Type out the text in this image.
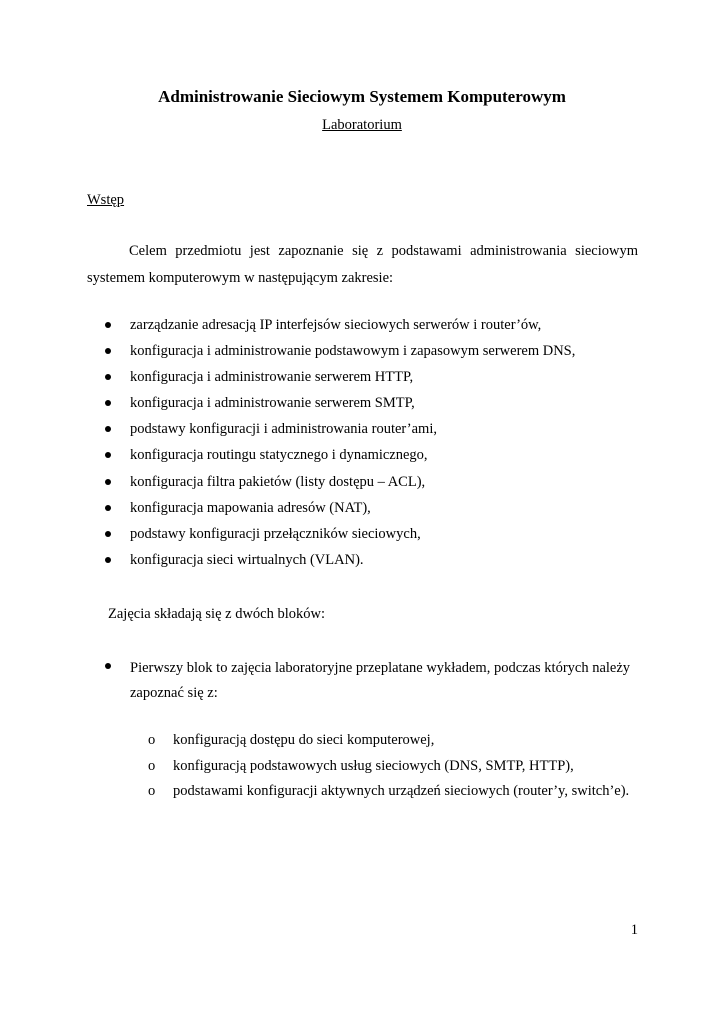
Administrowanie Sieciowym Systemem Komputerowym

Laboratorium

Wstęp

Celem przedmiotu jest zapoznanie się z podstawami administrowania sieciowym systemem komputerowym w następującym zakresie:

zarządzanie adresacją IP interfejsów sieciowych serwerów i router’ów,
konfiguracja i administrowanie podstawowym i zapasowym serwerem DNS,
konfiguracja i administrowanie serwerem HTTP,
konfiguracja i administrowanie serwerem SMTP,
podstawy konfiguracji i administrowania router’ami,
konfiguracja routingu statycznego i dynamicznego,
konfiguracja filtra pakietów (listy dostępu – ACL),
konfiguracja mapowania adresów (NAT),
podstawy konfiguracji przełączników sieciowych,
konfiguracja sieci wirtualnych (VLAN).

Zajęcia składają się z dwóch bloków:

Pierwszy blok to zajęcia laboratoryjne przeplatane wykładem, podczas których należy zapoznać się z:

o konfiguracją dostępu do sieci komputerowej,
o konfiguracją podstawowych usług sieciowych (DNS, SMTP, HTTP),
o podstawami konfiguracji aktywnych urządzeń sieciowych (router’y, switch’e).

1
